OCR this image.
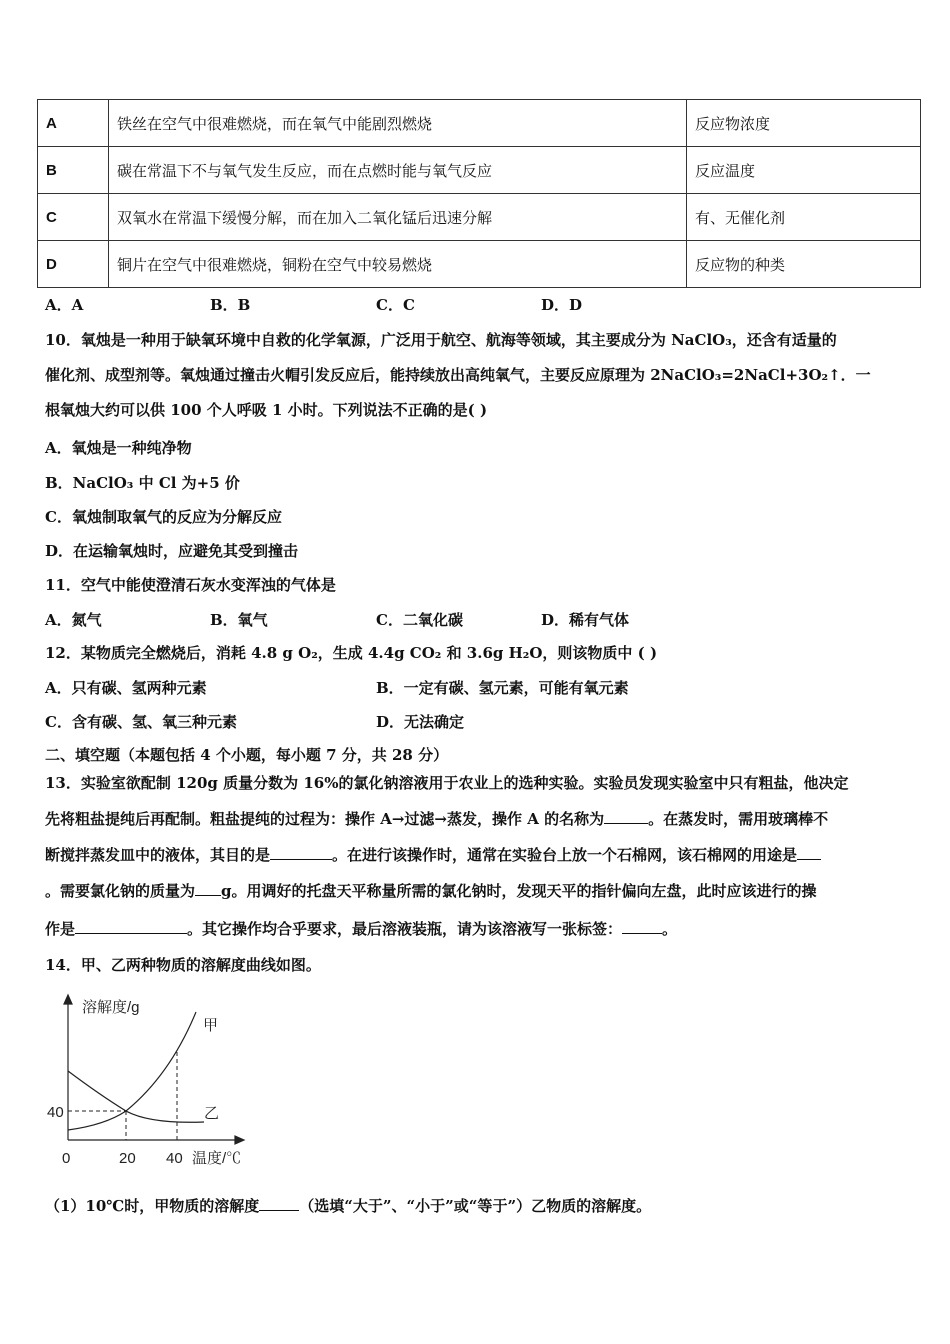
A	铁丝在空气中很难燃烧，而在氧气中能剧烈燃烧	反应物浓度
B	碳在常温下不与氧气发生反应，而在点燃时能与氧气反应	反应温度
C	双氧水在常温下缓慢分解，而在加入二氧化锰后迅速分解	有、无催化剂
D	铜片在空气中很难燃烧，铜粉在空气中较易燃烧	反应物的种类
A．A	B．B	C．C	D．D
10．氧烛是一种用于缺氧环境中自救的化学氧源，广泛用于航空、航海等领域，其主要成分为 NaClO₃，还含有适量的
催化剂、成型剂等。氧烛通过撞击火帽引发反应后，能持续放出高纯氧气，主要反应原理为 2NaClO₃=2NaCl+3O₂↑．一
根氧烛大约可以供 100 个人呼吸 1 小时。下列说法不正确的是( )
A．氧烛是一种纯净物
B．NaClO₃ 中 Cl 为+5 价
C．氧烛制取氧气的反应为分解反应
D．在运输氧烛时，应避免其受到撞击
11．空气中能使澄清石灰水变浑浊的气体是
A．氮气	B．氧气	C．二氧化碳	D．稀有气体
12．某物质完全燃烧后，消耗 4.8 g O₂，生成 4.4g CO₂ 和 3.6g H₂O，则该物质中 ( )
A．只有碳、氢两种元素	B．一定有碳、氢元素，可能有氧元素
C．含有碳、氢、氧三种元素	D．无法确定
二、填空题（本题包括 4 个小题，每小题 7 分，共 28 分）
13．实验室欲配制 120g 质量分数为 16%的氯化钠溶液用于农业上的选种实验。实验员发现实验室中只有粗盐，他决定
先将粗盐提纯后再配制。粗盐提纯的过程为：操作 A→过滤→蒸发，操作 A 的名称为	。在蒸发时，需用玻璃棒不
断搅拌蒸发皿中的液体，其目的是	。在进行该操作时，通常在实验台上放一个石棉网，该石棉网的用途是
。需要氯化钠的质量为 g。用调好的托盘天平称量所需的氯化钠时，发现天平的指针偏向左盘，此时应该进行的操
作是	。其它操作均合乎要求，最后溶液装瓶，请为该溶液写一张标签：	。
14．甲、乙两种物质的溶解度曲线如图。
溶解度/g
甲
乙
40
0	20 40 温度/℃
（1）10℃时，甲物质的溶解度	（选填“大于”、“小于”或“等于”）乙物质的溶解度。
